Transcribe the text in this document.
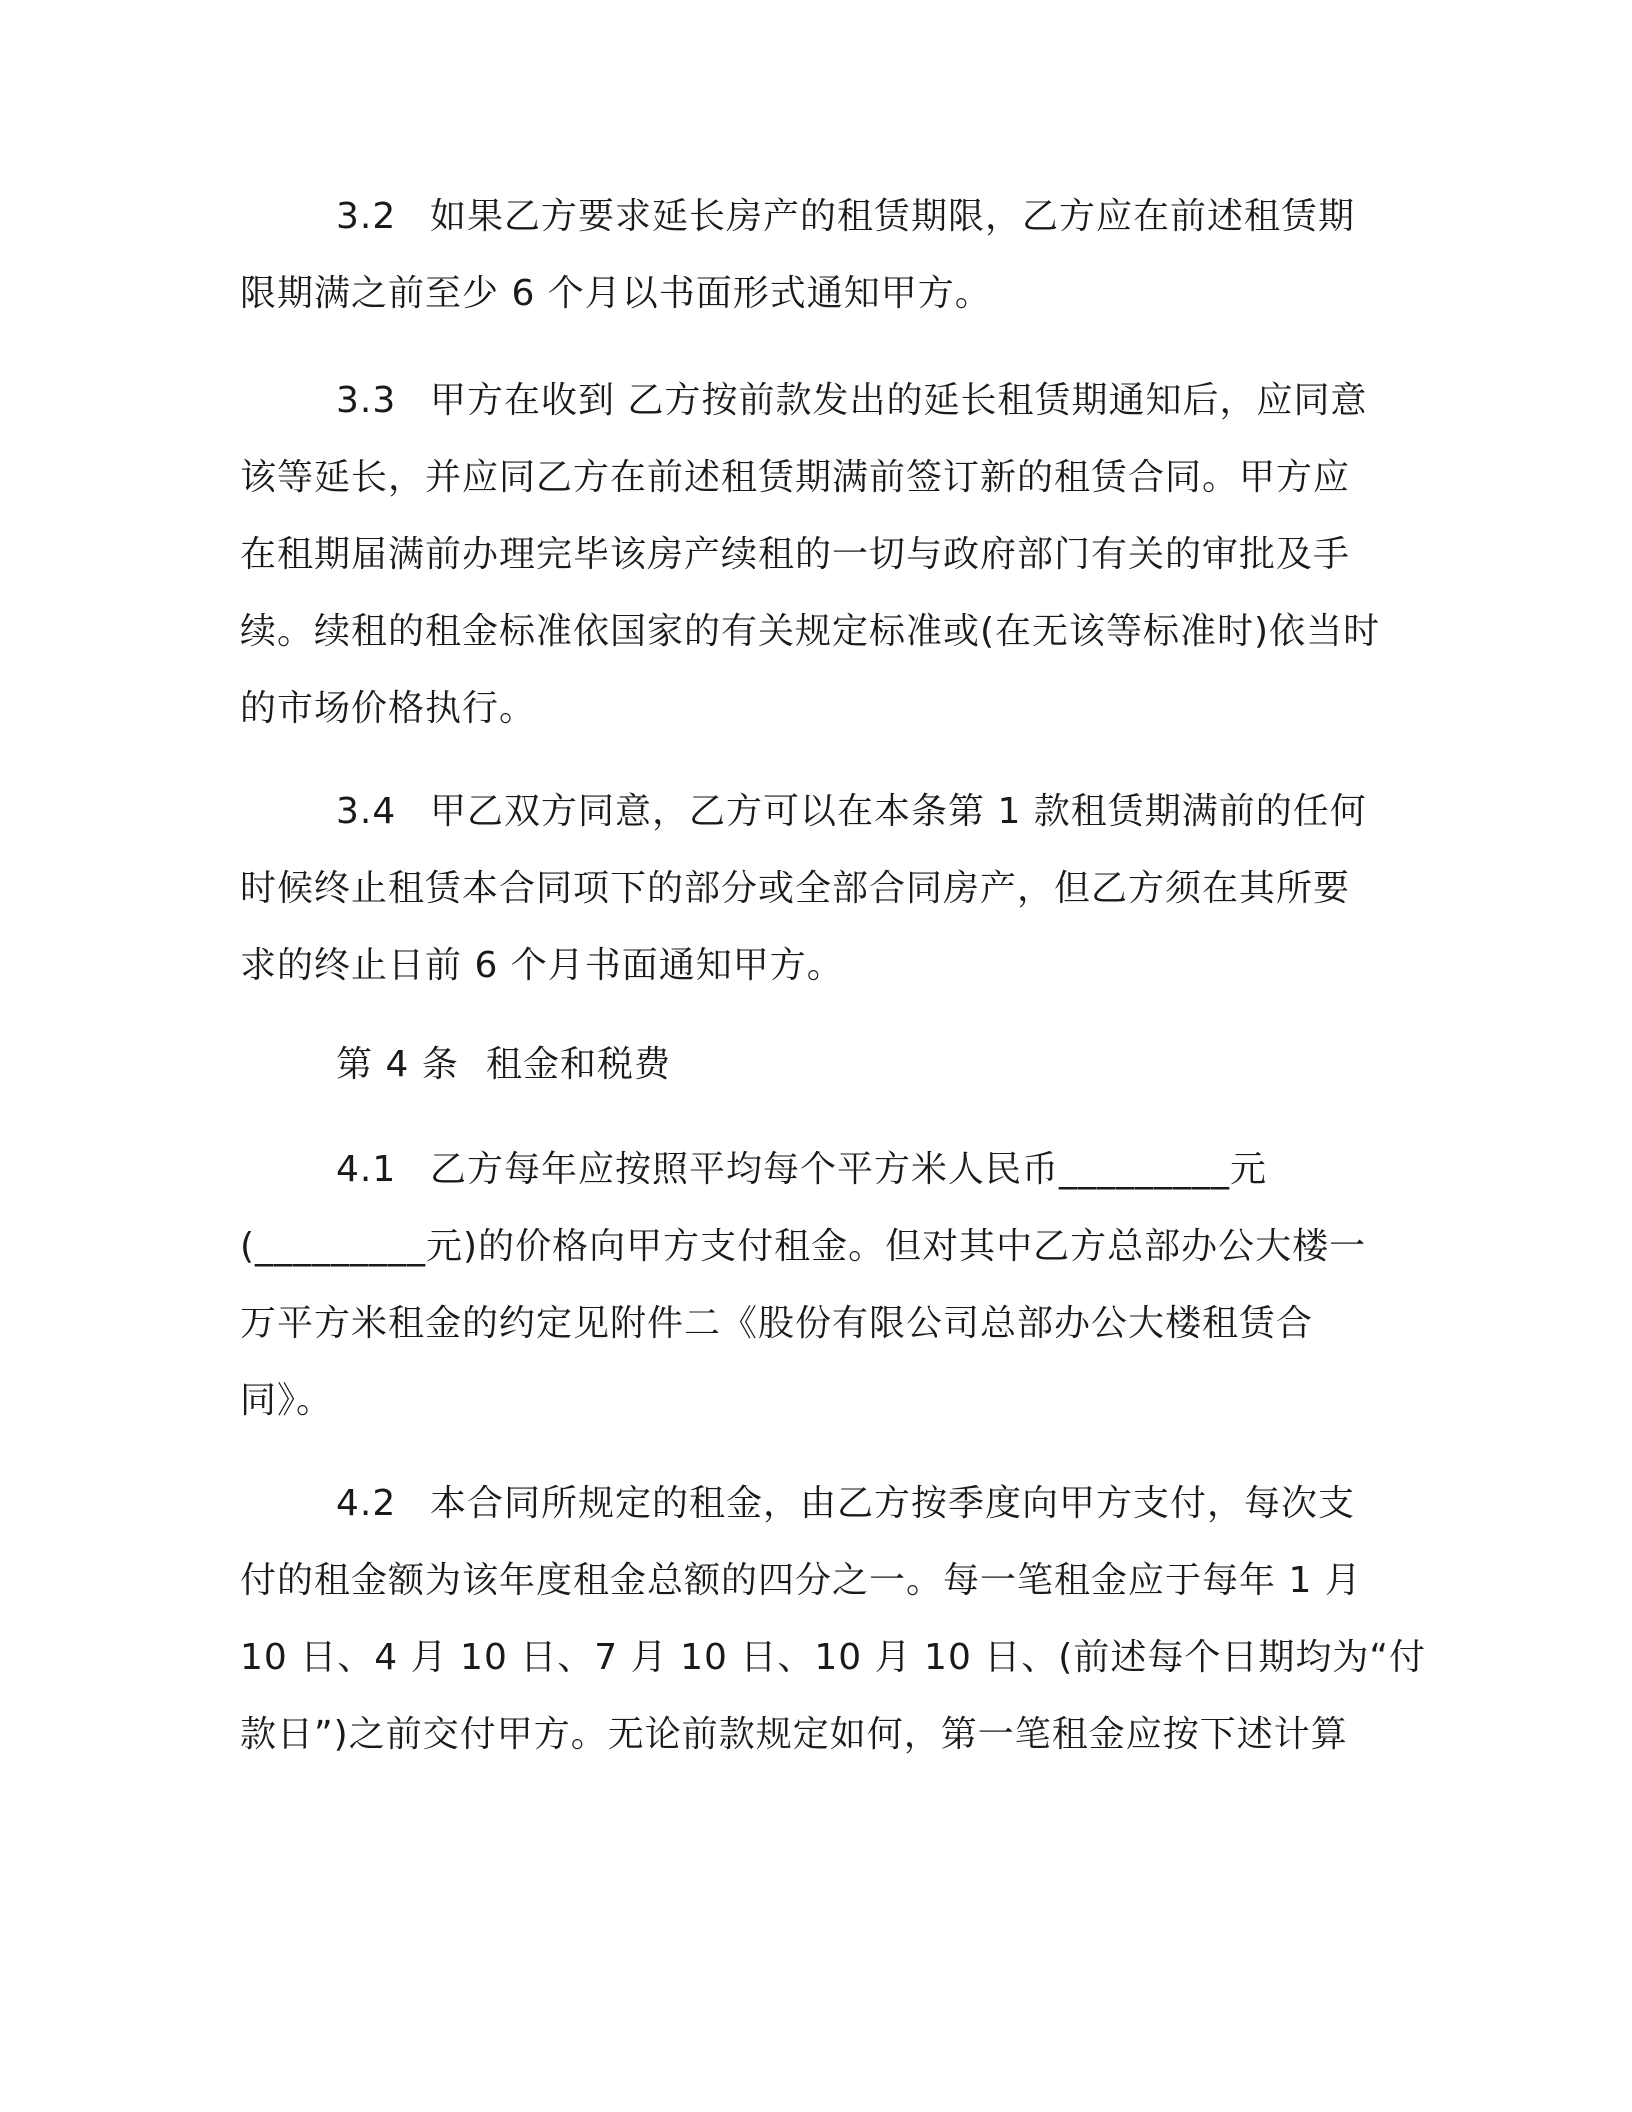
3.2 如果乙方要求延长房产的租赁期限，乙方应在前述租赁期
限期满之前至少 6 个月以书面形式通知甲方。
3.3 甲方在收到 乙方按前款发出的延长租赁期通知后，应同意
该等延长，并应同乙方在前述租赁期满前签订新的租赁合同。甲方应
在租期届满前办理完毕该房产续租的一切与政府部门有关的审批及手
续。续租的租金标准依国家的有关规定标准或(在无该等标准时)依当时
的市场价格执行。
3.4 甲乙双方同意，乙方可以在本条第 1 款租赁期满前的任何
时候终止租赁本合同项下的部分或全部合同房产，但乙方须在其所要
求的终止日前 6 个月书面通知甲方。
第 4 条 租金和税费
4.1 乙方每年应按照平均每个平方米人民币_________元
(_________元)的价格向甲方支付租金。但对其中乙方总部办公大楼一
万平方米租金的约定见附件二《股份有限公司总部办公大楼租赁合
同》。
4.2 本合同所规定的租金，由乙方按季度向甲方支付，每次支
付的租金额为该年度租金总额的四分之一。每一笔租金应于每年 1 月
10 日、4 月 10 日、7 月 10 日、10 月 10 日、(前述每个日期均为“付
款日”)之前交付甲方。无论前款规定如何，第一笔租金应按下述计算
